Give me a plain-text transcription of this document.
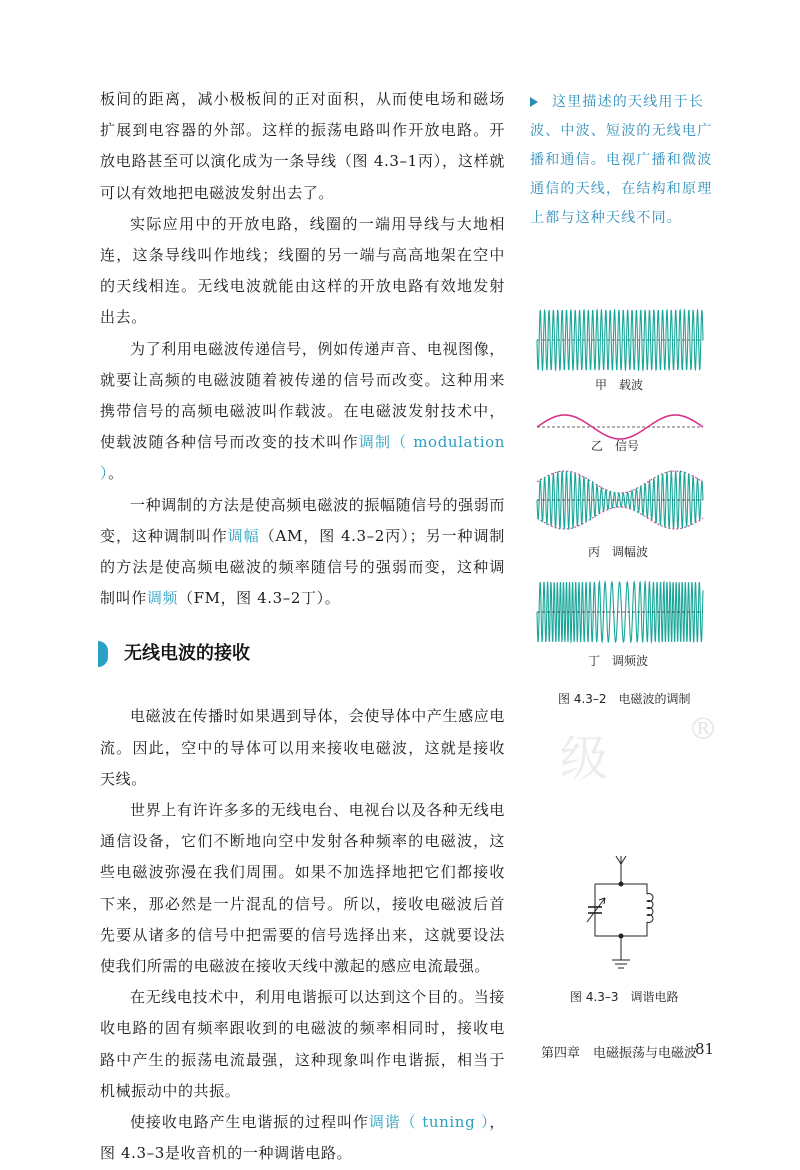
板间的距离，减小极板间的正对面积，从而使电场和磁场扩展到电容器的外部。这样的振荡电路叫作开放电路。开放电路甚至可以演化成为一条导线（图 4.3–1丙），这样就可以有效地把电磁波发射出去了。

实际应用中的开放电路，线圈的一端用导线与大地相连，这条导线叫作地线；线圈的另一端与高高地架在空中的天线相连。无线电波就能由这样的开放电路有效地发射出去。

为了利用电磁波传递信号，例如传递声音、电视图像，就要让高频的电磁波随着被传递的信号而改变。这种用来携带信号的高频电磁波叫作载波。在电磁波发射技术中，使载波随各种信号而改变的技术叫作调制（ modulation ）。

一种调制的方法是使高频电磁波的振幅随信号的强弱而变，这种调制叫作调幅（AM，图 4.3–2丙）；另一种调制的方法是使高频电磁波的频率随信号的强弱而变，这种调制叫作调频（FM，图 4.3–2丁）。

无线电波的接收

电磁波在传播时如果遇到导体，会使导体中产生感应电流。因此，空中的导体可以用来接收电磁波，这就是接收天线。

世界上有许许多多的无线电台、电视台以及各种无线电通信设备，它们不断地向空中发射各种频率的电磁波，这些电磁波弥漫在我们周围。如果不加选择地把它们都接收下来，那必然是一片混乱的信号。所以，接收电磁波后首先要从诸多的信号中把需要的信号选择出来，这就要设法使我们所需的电磁波在接收天线中激起的感应电流最强。

在无线电技术中，利用电谐振可以达到这个目的。当接收电路的固有频率跟收到的电磁波的频率相同时，接收电路中产生的振荡电流最强，这种现象叫作电谐振，相当于机械振动中的共振。

使接收电路产生电谐振的过程叫作调谐（ tuning ），图 4.3–3是收音机的一种调谐电路。

这里描述的天线用于长波、中波、短波的无线电广播和通信。电视广播和微波通信的天线，在结构和原理上都与这种天线不同。
甲　载波
乙　信号
丙　调幅波
丁　调频波
图 4.3–2　电磁波的调制
级
®
图 4.3–3　调谐电路
第四章　电磁振荡与电磁波
81
